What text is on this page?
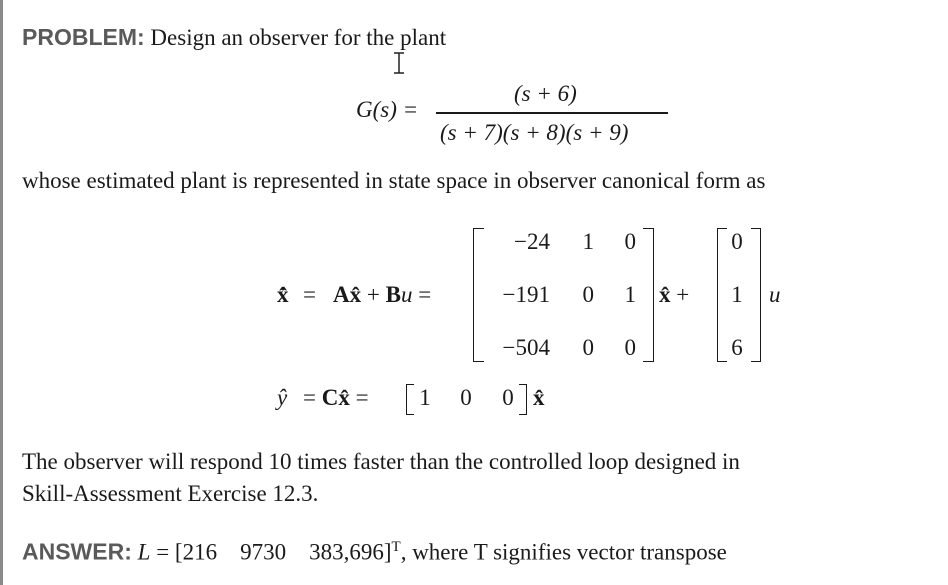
PROBLEM: Design an observer for the plant
G(s) =
(s + 6)
(s + 7)(s + 8)(s + 9)
whose estimated plant is represented in state space in observer canonical form as
x̂̇ = Ax̂ + Bu =
−24	1	0
−191	0	1
−504	0	0
x̂ +
0
1
6
u
ŷ = Cx̂ = 1 0 0 x̂
The observer will respond 10 times faster than the controlled loop designed in
Skill-Assessment Exercise 12.3.
ANSWER: L = [216 9730 383,696]$^T$, where T signifies vector transpose
